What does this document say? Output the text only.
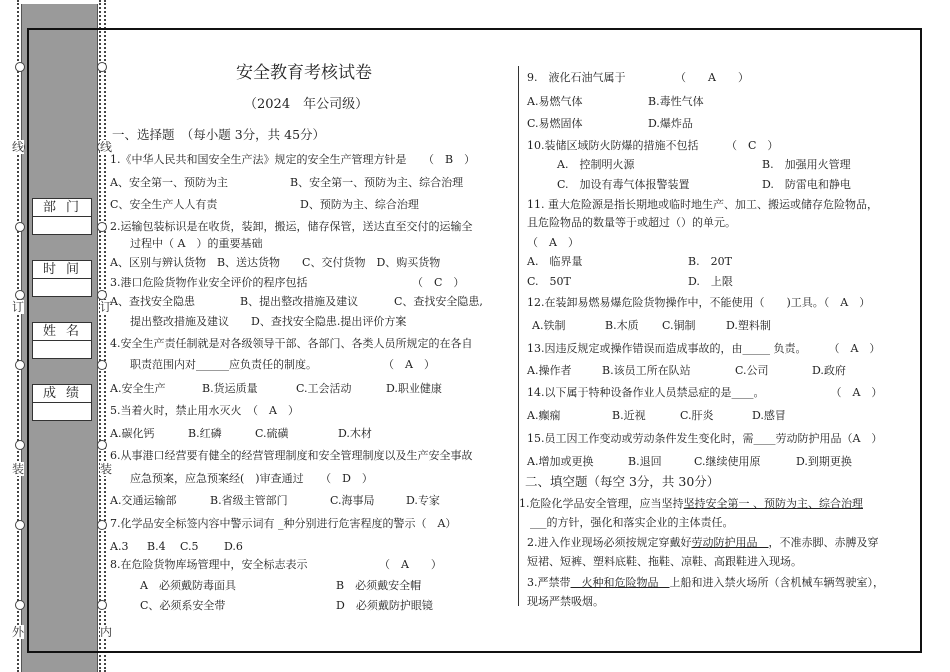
线
订
装
外
线
订
装
内
部门
时间
姓名
成绩
安全教育考核试卷
（2024　年公司级）
一、选择题　（每小题 3分，共 45分）
1.《中华人民共和国安全生产法》规定的安全生产管理方针是　　（　B　）
A、安全第一、预防为主	B、安全第一、预防为主、综合治理
C、安全生产人人有责	D、预防为主、综合治理
2.运输包装标识是在收货，装卸，搬运，储存保管，送达直至交付的运输全
过程中（ A　）的重要基础
A、区别与辨认货物　B、送达货物　　C、交付货物　D、购买货物
3.港口危险货物作业安全评价的程序包括　　　　　　　　　　（　C　）
A、查找安全隐患	B、提出整改措施及建议	C、查找安全隐患,
提出整改措施及建议　　D、查找安全隐患.提出评价方案
4.安全生产责任制就是对各级领导干部、各部门、各类人员所规定的在各自
职责范围内对______应负责任的制度。　　　　　　　（　A　）
A.安全生产	B.货运质量	C.工会活动	D.职业健康
5.当着火时，禁止用水灭火　（　A　）
A.碳化钙	B.红磷	C.硫磺	D.木材
6.从事港口经营要有健全的经营管理制度和安全管理制度以及生产安全事故
应急预案，应急预案经(　)审查通过　　（　D　）
A.交通运输部	B.省级主管部门	C.海事局	D.专家
7.化学品安全标签内容中警示词有 _种分别进行危害程度的警示（　A）
A.3 B.4 C.5 D.6
8.在危险货物库场管理中，安全标志表示　　　　　　　（　A　　）
A　必须戴防毒面具	B　必须戴安全帽
C、必须系安全带	D　必须戴防护眼镜
9.　液化石油气属于　　　　　（　　A　　）
A.易燃气体	B.毒性气体
C.易燃固体	D.爆炸品
10.装储区域防火防爆的措施不包括　　　（　C　）
A.　控制明火源	B.　加强用火管理
C.　加设有毒气体报警装置	D.　防雷电和静电
11. 重大危险源是指长期地或临时地生产、加工、搬运或储存危险物品，
且危险物品的数量等于或超过（）的单元。
（　A　）
A.　临界量	B.　20T
C.　50T	D.　上限
12.在装卸易燃易爆危险货物操作中，不能使用（　　)工具。（　A　）
A.铁制	B.木质 C.铜制	D.塑料制
13.因违反规定或操作错误而造成事故的，由_____ 负责。　　　（　A　）
A.操作者	B.该员工所在队站	C.公司	D.政府
14.以下属于特种设备作业人员禁忌症的是____。　　　　　　　（　A　）
A.癫痫	B.近视	C.肝炎	D.感冒
15.员工因工作变动或劳动条件发生变化时，需____劳动防护用品（A　）
A.增加或更换	B.退回	C.继续使用原	D.到期更换
二、填空题（每空 3分，共 30分）
1.危险化学品安全管理，应当坚持坚持安全第一 、预防为主、综合治理
___的方针，强化和落实企业的主体责任。
2.进入作业现场必须按规定穿戴好劳动防护用品　，不准赤脚、赤膊及穿
短裙、短裤、塑料底鞋、拖鞋、凉鞋、高跟鞋进入现场。
3.严禁带　火种和危险物品　上船和进入禁火场所（含机械车辆驾驶室），
现场严禁吸烟。
